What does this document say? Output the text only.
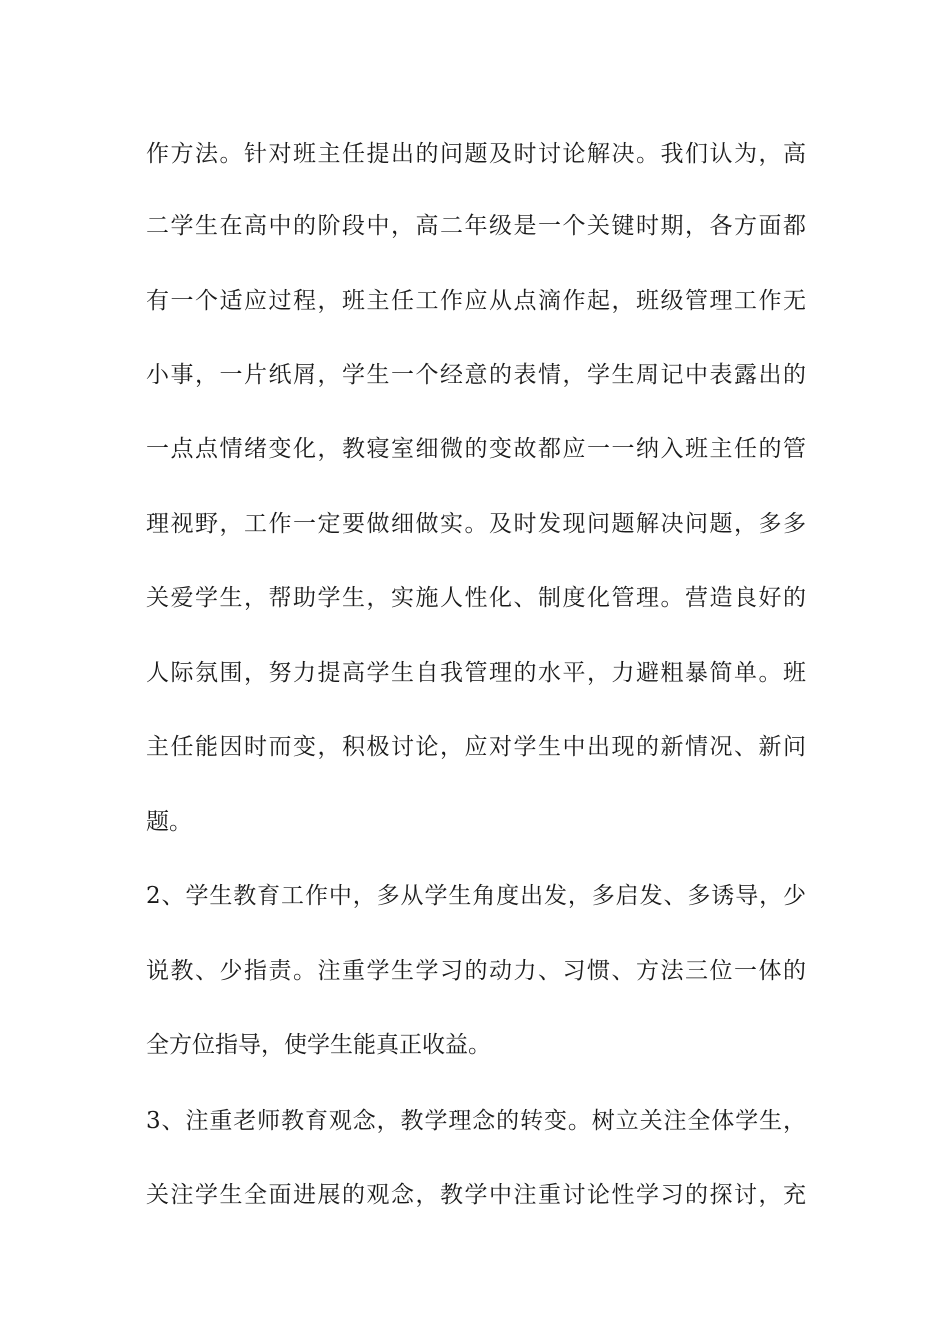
作方法。针对班主任提出的问题及时讨论解决。我们认为，高
二学生在高中的阶段中，高二年级是一个关键时期，各方面都
有一个适应过程，班主任工作应从点滴作起，班级管理工作无
小事，一片纸屑，学生一个经意的表情，学生周记中表露出的
一点点情绪变化，教寝室细微的变故都应一一纳入班主任的管
理视野，工作一定要做细做实。及时发现问题解决问题，多多
关爱学生，帮助学生，实施人性化、制度化管理。营造良好的
人际氛围，努力提高学生自我管理的水平，力避粗暴简单。班
主任能因时而变，积极讨论，应对学生中出现的新情况、新问
题。
2、学生教育工作中，多从学生角度出发，多启发、多诱导，少
说教、少指责。注重学生学习的动力、习惯、方法三位一体的
全方位指导，使学生能真正收益。
3、注重老师教育观念，教学理念的转变。树立关注全体学生，
关注学生全面进展的观念，教学中注重讨论性学习的探讨，充
